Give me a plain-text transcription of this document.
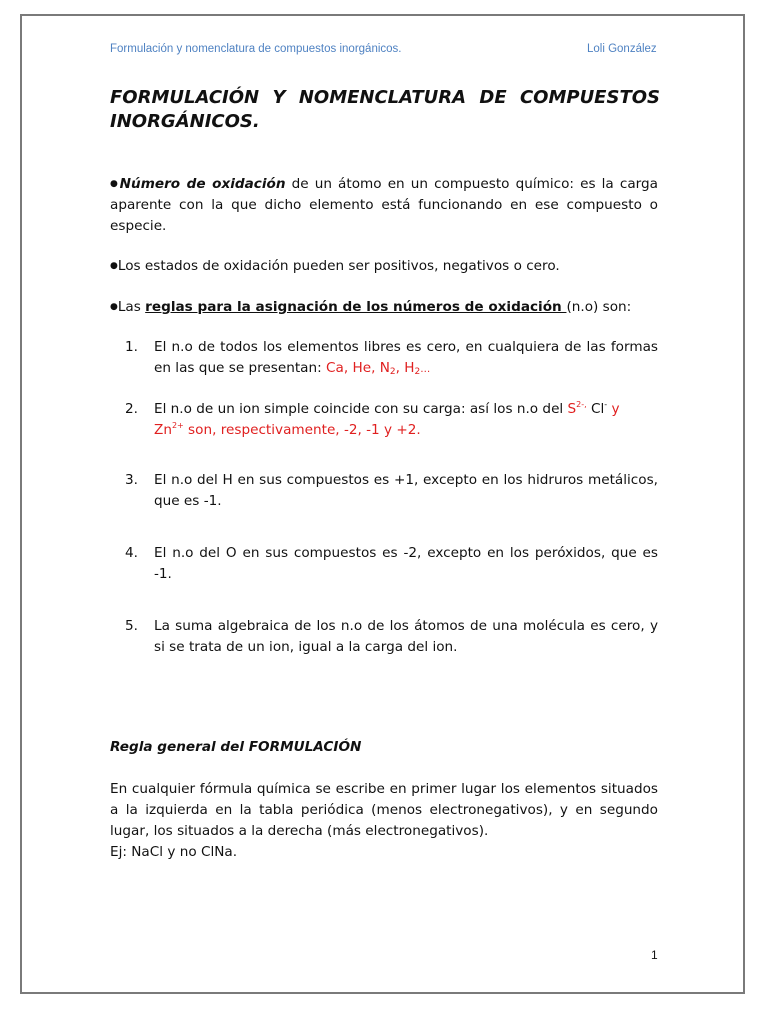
Formulación y nomenclatura de compuestos inorgánicos.	Loli González
FORMULACIÓN Y NOMENCLATURA DE COMPUESTOS
INORGÁNICOS.
●Número de oxidación de un átomo en un compuesto químico: es la carga aparente con la que dicho elemento está funcionando en ese compuesto o especie.
●Los estados de oxidación pueden ser positivos, negativos o cero.
●Las reglas para la asignación de los números de oxidación (n.o) son:
1. El n.o de todos los elementos libres es cero, en cualquiera de las formas en las que se presentan: Ca, He, $N_2$, $H_2\dots$
2. El n.o de un ion simple coincide con su carga: así los n.o del $S^{2-,}$ Cl- y
$Zn^{2+}$ son, respectivamente, -2, -1 y +2.
3. El n.o del H en sus compuestos es +1, excepto en los hidruros metálicos, que es -1.
4. El n.o del O en sus compuestos es -2, excepto en los peróxidos, que es -1.
5. La suma algebraica de los n.o de los átomos de una molécula es cero, y si se trata de un ion, igual a la carga del ion.
Regla general del FORMULACIÓN
En cualquier fórmula química se escribe en primer lugar los elementos situados a la izquierda en la tabla periódica (menos electronegativos), y en segundo lugar, los situados a la derecha (más electronegativos).
Ej: NaCl y no ClNa.
1
